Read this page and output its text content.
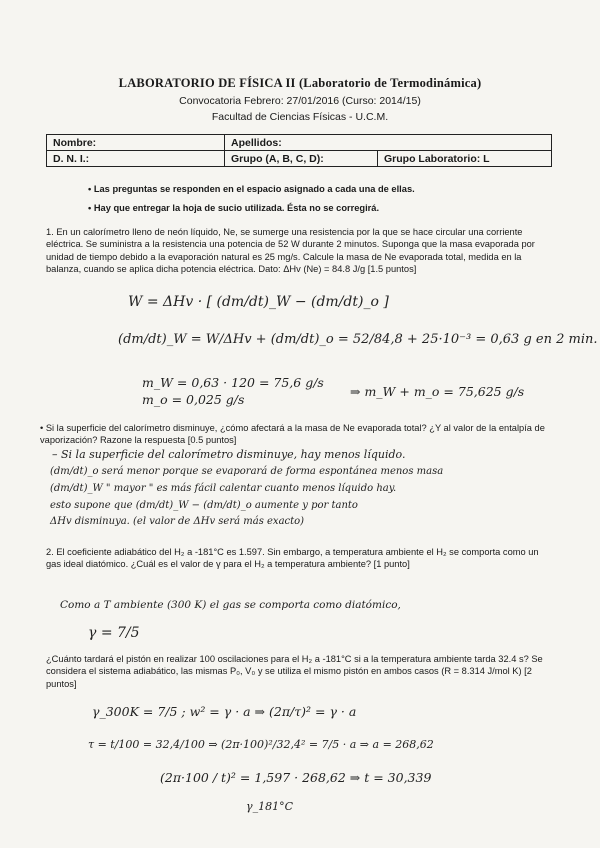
LABORATORIO DE FÍSICA II (Laboratorio de Termodinámica)
Convocatoria Febrero: 27/01/2016 (Curso: 2014/15)
Facultad de Ciencias Físicas - U.C.M.
Nombre:	Apellidos:	
D. N. I.:	Grupo (A, B, C, D):	Grupo Laboratorio: L
• Las preguntas se responden en el espacio asignado a cada una de ellas.
• Hay que entregar la hoja de sucio utilizada. Ésta no se corregirá.
1. En un calorímetro lleno de neón líquido, Ne, se sumerge una resistencia por la que se hace circular una corriente eléctrica. Se suministra a la resistencia una potencia de 52 W durante 2 minutos. Suponga que la masa evaporada por unidad de tiempo debido a la evaporación natural es 25 mg/s. Calcule la masa de Ne evaporada total, medida en la balanza, cuando se aplica dicha potencia eléctrica. Dato: ΔHv (Ne) = 84.8 J/g [1.5 puntos]
W = ΔHv · [ (dm/dt)_W − (dm/dt)_o ]
(dm/dt)_W = W/ΔHv + (dm/dt)_o = 52/84,8 + 25·10⁻³ = 0,63 g en 2 min.
m_W = 0,63 · 120 = 75,6 g/s
m_o = 0,025 g/s
⇒ m_W + m_o = 75,625 g/s
• Si la superficie del calorímetro disminuye, ¿cómo afectará a la masa de Ne evaporada total? ¿Y al valor de la entalpía de vaporización? Razone la respuesta [0.5 puntos]
– Si la superficie del calorímetro disminuye, hay menos líquido.
(dm/dt)_o será menor porque se evaporará de forma espontánea menos masa
(dm/dt)_W " mayor " es más fácil calentar cuanto menos líquido hay.
esto supone que (dm/dt)_W − (dm/dt)_o aumente y por tanto
ΔHv disminuya. (el valor de ΔHv será más exacto)
2. El coeficiente adiabático del H₂ a -181°C es 1.597. Sin embargo, a temperatura ambiente el H₂ se comporta como un gas ideal diatómico. ¿Cuál es el valor de γ para el H₂ a temperatura ambiente? [1 punto]
Como a T ambiente (300 K) el gas se comporta como diatómico,
γ = 7/5
¿Cuánto tardará el pistón en realizar 100 oscilaciones para el H₂ a -181°C si a la temperatura ambiente tarda 32.4 s? Se considera el sistema adiabático, las mismas P₀, V₀ y se utiliza el mismo pistón en ambos casos (R = 8.314 J/mol K) [2 puntos]
γ_300K = 7/5 ; w² = γ · a ⇒ (2π/τ)² = γ · a
τ = t/100 = 32,4/100 ⇒ (2π·100)²/32,4² = 7/5 · a ⇒ a = 268,62
(2π·100 / t)² = 1,597 · 268,62 ⇒ t = 30,339
γ_181°C
